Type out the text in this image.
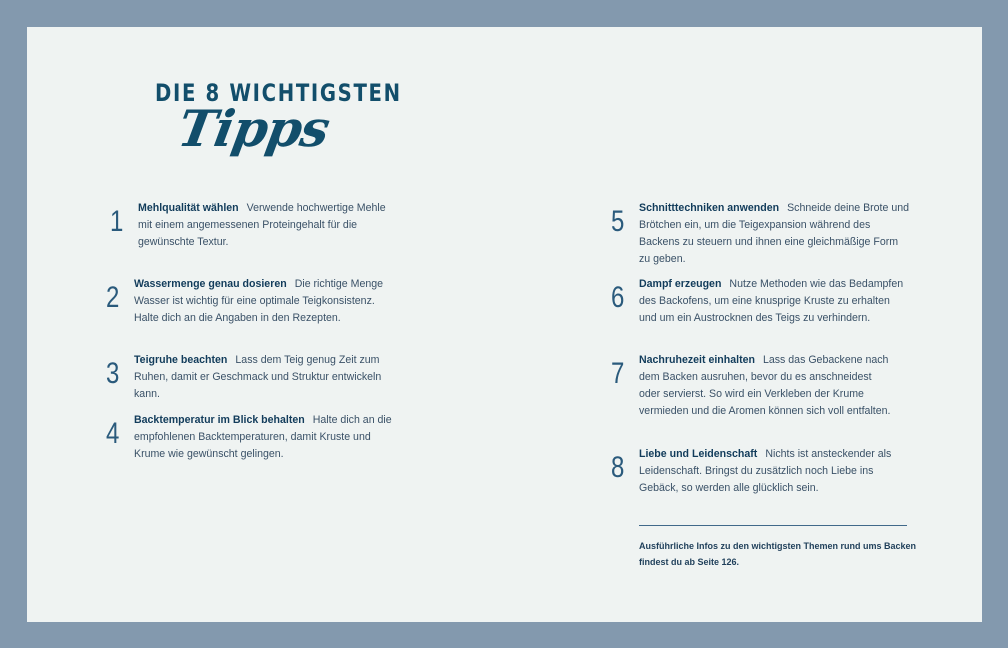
DIE 8 WICHTIGSTEN
Tipps
1 Mehlqualität wählen Verwende hochwertige Mehle mit einem angemessenen Proteingehalt für die gewünschte Textur.
2 Wassermenge genau dosieren Die richtige Menge Wasser ist wichtig für eine optimale Teigkonsistenz. Halte dich an die Angaben in den Rezepten.
3 Teigruhe beachten Lass dem Teig genug Zeit zum Ruhen, damit er Geschmack und Struktur entwickeln kann.
4 Backtemperatur im Blick behalten Halte dich an die empfohlenen Backtemperaturen, damit Kruste und Krume wie gewünscht gelingen.
5 Schnitttechniken anwenden Schneide deine Brote und Brötchen ein, um die Teigexpansion während des Backens zu steuern und ihnen eine gleichmäßige Form zu geben.
6 Dampf erzeugen Nutze Methoden wie das Bedampfen des Backofens, um eine knusprige Kruste zu erhalten und um ein Austrocknen des Teigs zu verhindern.
7 Nachruhezeit einhalten Lass das Gebackene nach dem Backen ausruhen, bevor du es anschneidest oder servierst. So wird ein Verkleben der Krume vermieden und die Aromen können sich voll entfalten.
8 Liebe und Leidenschaft Nichts ist ansteckender als Leidenschaft. Bringst du zusätzlich noch Liebe ins Gebäck, so werden alle glücklich sein.
Ausführliche Infos zu den wichtigsten Themen rund ums Backen findest du ab Seite 126.
